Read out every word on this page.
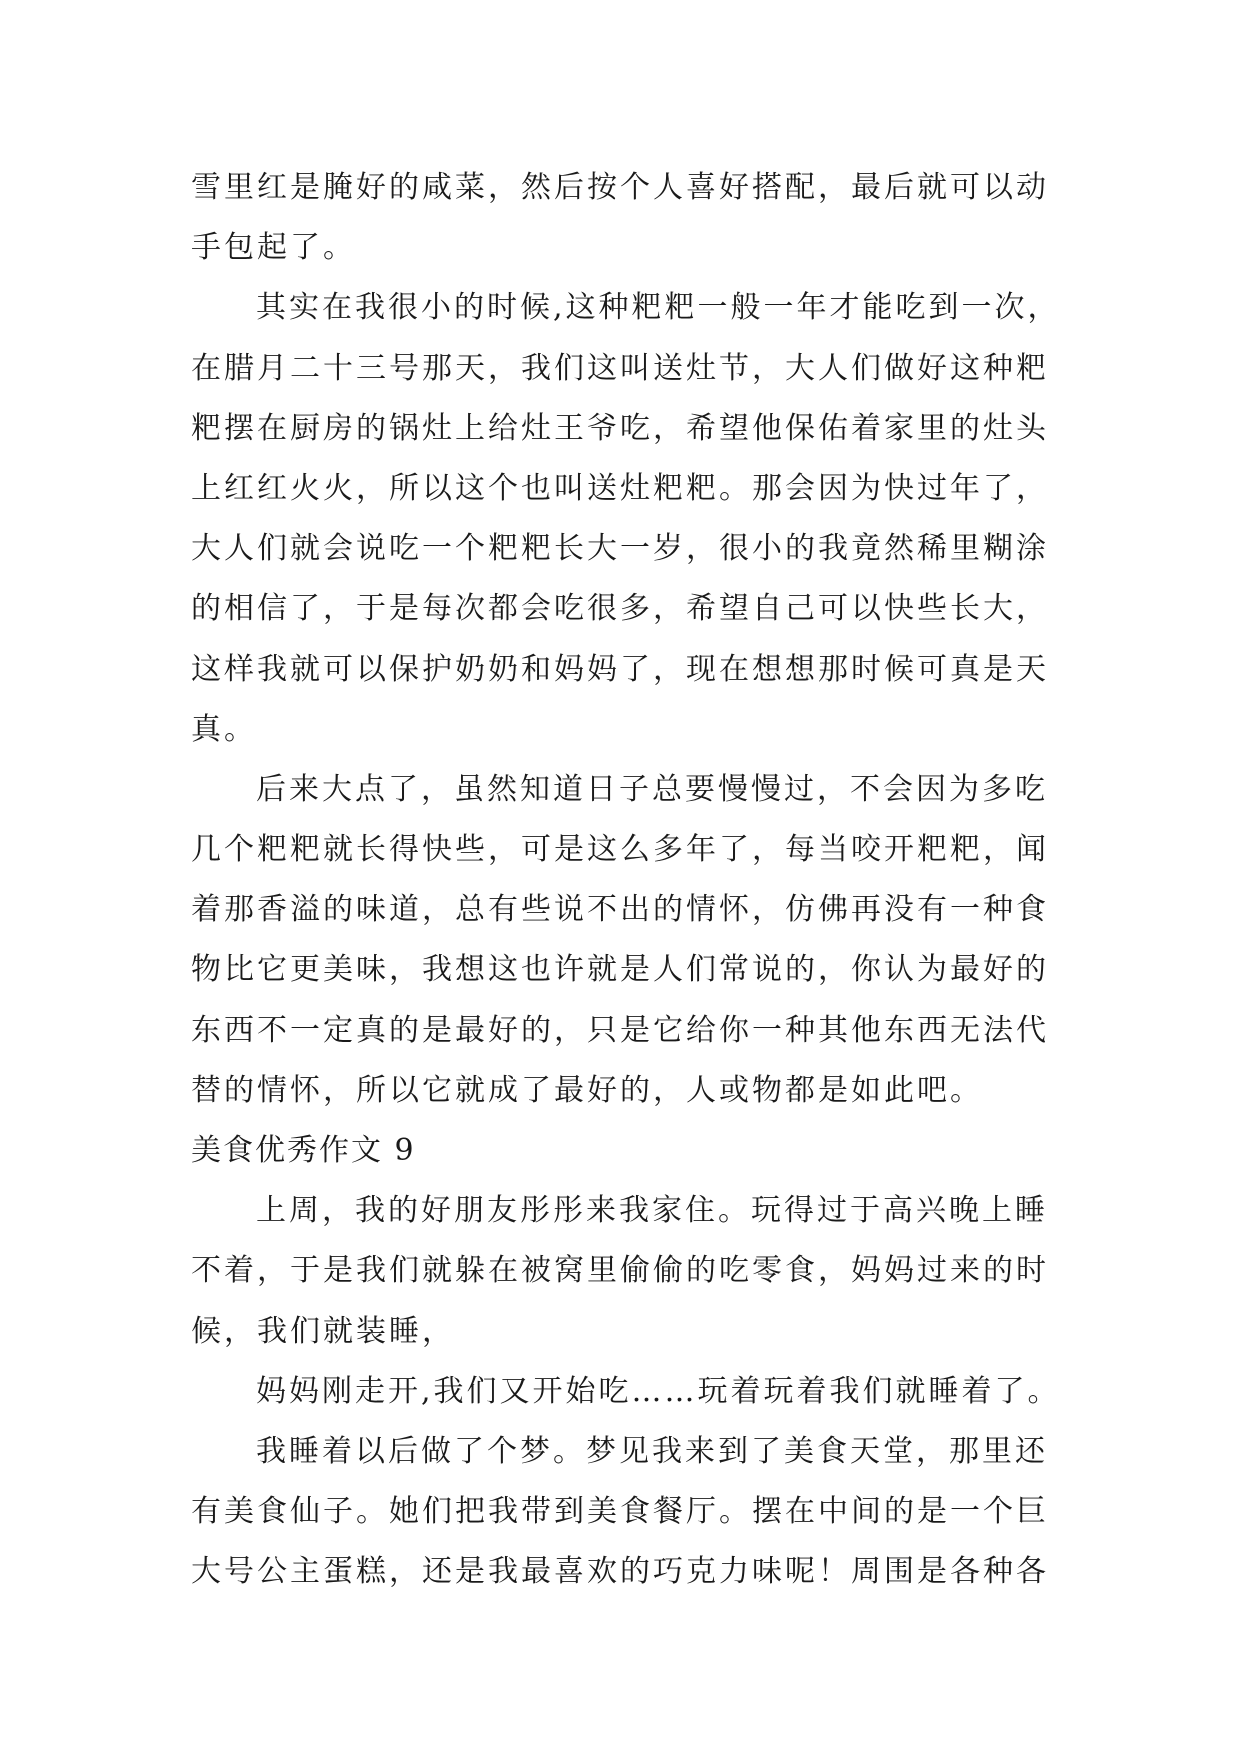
雪里红是腌好的咸菜，然后按个人喜好搭配，最后就可以动
手包起了。
其实在我很小的时候,这种粑粑一般一年才能吃到一次，
在腊月二十三号那天，我们这叫送灶节，大人们做好这种粑
粑摆在厨房的锅灶上给灶王爷吃，希望他保佑着家里的灶头
上红红火火，所以这个也叫送灶粑粑。那会因为快过年了，
大人们就会说吃一个粑粑长大一岁，很小的我竟然稀里糊涂
的相信了，于是每次都会吃很多，希望自己可以快些长大，
这样我就可以保护奶奶和妈妈了，现在想想那时候可真是天
真。
后来大点了，虽然知道日子总要慢慢过，不会因为多吃
几个粑粑就长得快些，可是这么多年了，每当咬开粑粑，闻
着那香溢的味道，总有些说不出的情怀，仿佛再没有一种食
物比它更美味，我想这也许就是人们常说的，你认为最好的
东西不一定真的是最好的，只是它给你一种其他东西无法代
替的情怀，所以它就成了最好的，人或物都是如此吧。
美食优秀作文 9
上周，我的好朋友彤彤来我家住。玩得过于高兴晚上睡
不着，于是我们就躲在被窝里偷偷的吃零食，妈妈过来的时
候，我们就装睡，
妈妈刚走开,我们又开始吃……玩着玩着我们就睡着了。
我睡着以后做了个梦。梦见我来到了美食天堂，那里还
有美食仙子。她们把我带到美食餐厅。摆在中间的是一个巨
大号公主蛋糕，还是我最喜欢的巧克力味呢！周围是各种各
